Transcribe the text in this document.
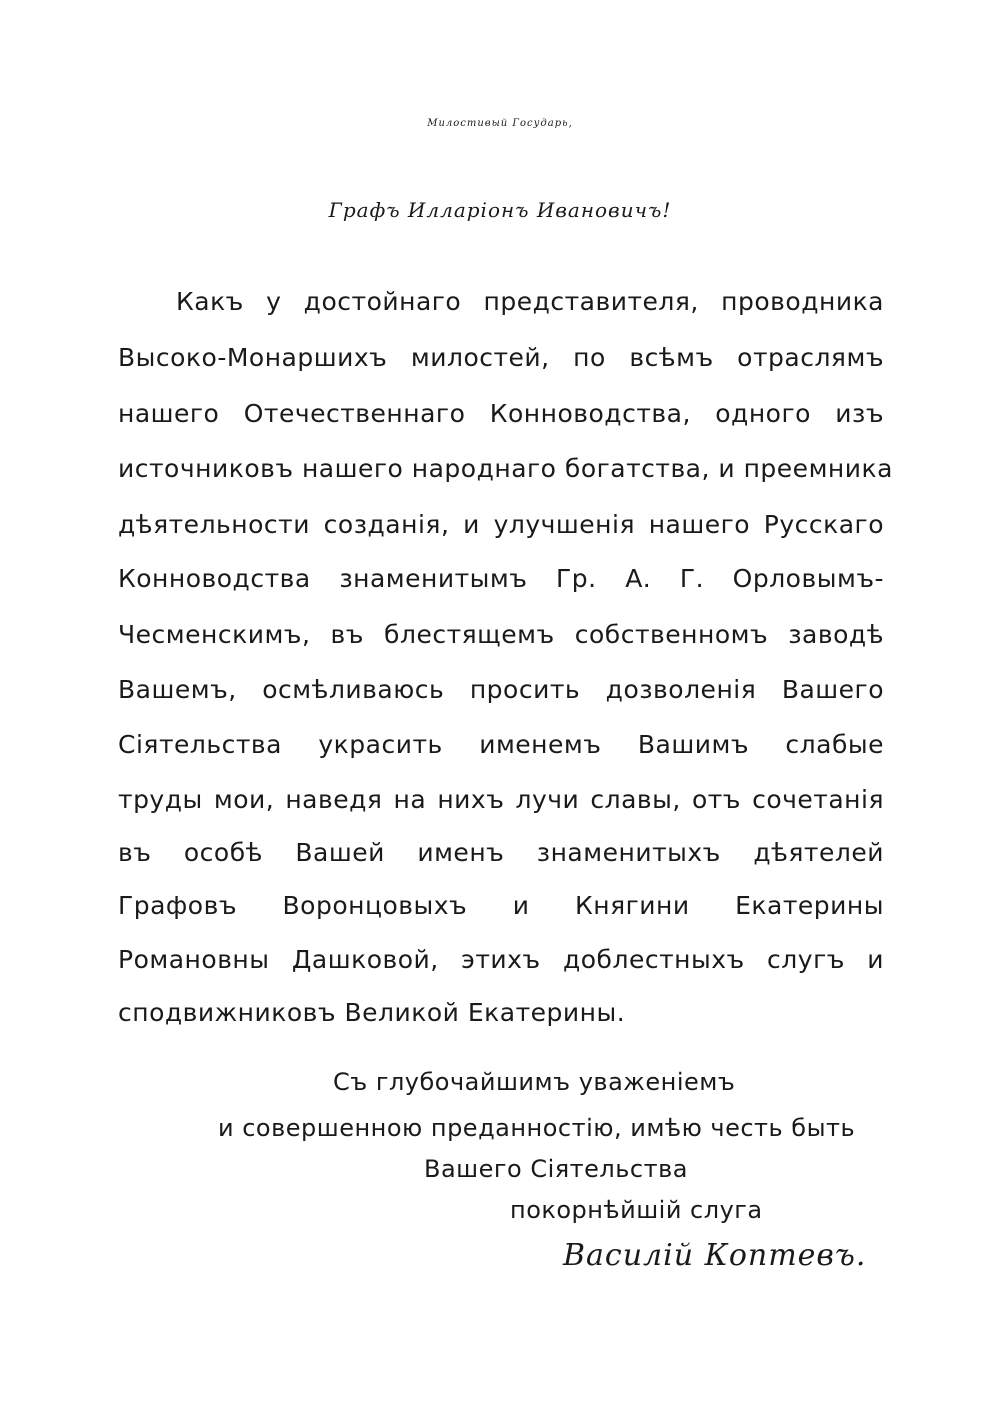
Милостивый Государь,
Графъ Илларіонъ Ивановичъ!
Какъ у достойнаго представителя, проводника
Высоко-Монаршихъ милостей, по всѣмъ отраслямъ
нашего Отечественнаго Конноводства, одного изъ
источниковъ нашего народнаго богатства, и преемника
дѣятельности созданія, и улучшенія нашего Русскаго
Конноводства знаменитымъ Гр. А. Г. Орловымъ-
Чесменскимъ, въ блестящемъ собственномъ заводѣ
Вашемъ, осмѣливаюсь просить дозволенія Вашего
Сіятельства украсить именемъ Вашимъ слабые
труды мои, наведя на нихъ лучи славы, отъ сочетанія
въ особѣ Вашей именъ знаменитыхъ дѣятелей
Графовъ Воронцовыхъ и Княгини Екатерины
Романовны Дашковой, этихъ доблестныхъ слугъ и
сподвижниковъ Великой Екатерины.
Съ глубочайшимъ уваженіемъ
и совершенною преданностію, имѣю честь быть
Вашего Сіятельства
покорнѣйшій слуга
Василій Коптевъ.
